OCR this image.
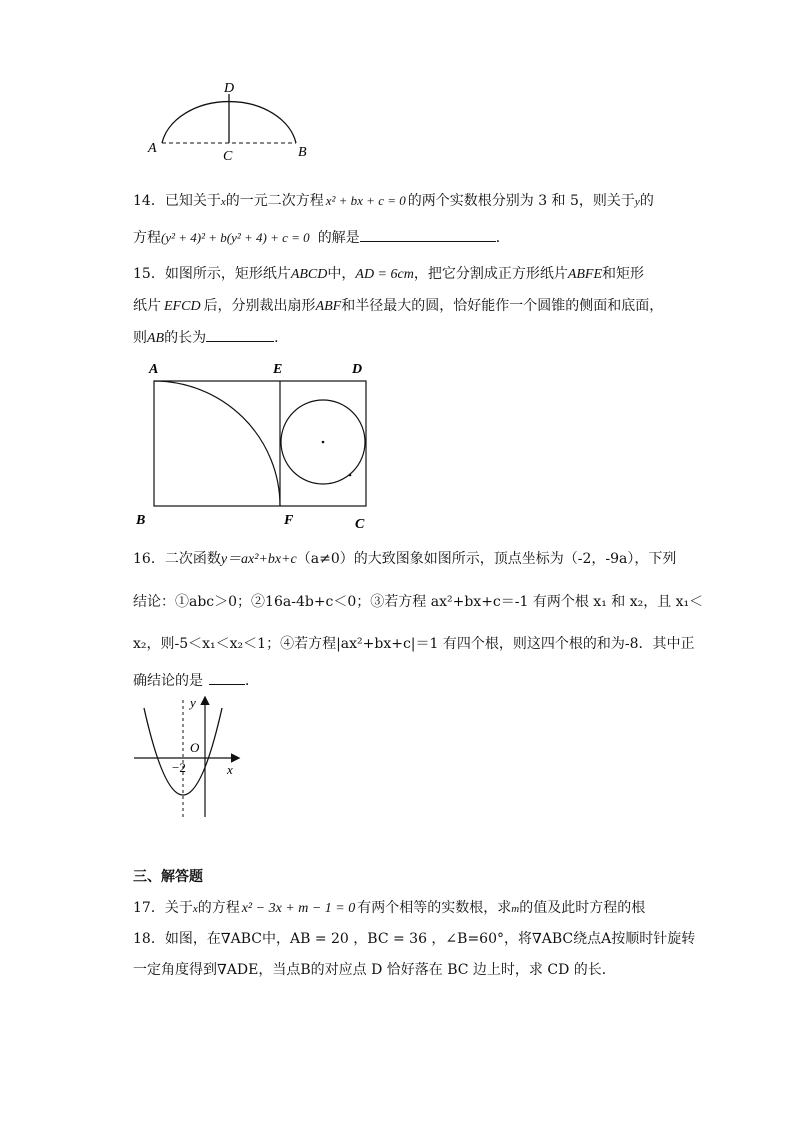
D
A
C	B
14．已知关于x的一元二次方程 x² + bx + c = 0 的两个实数根分别为 3 和 5，则关于y的
方程(y² + 4)² + b(y² + 4) + c = 0 的解是	．
15．如图所示，矩形纸片ABCD中，AD = 6cm，把它分割成正方形纸片ABFE和矩形
纸片 EFCD 后，分别裁出扇形ABF和半径最大的圆，恰好能作一个圆锥的侧面和底面，
则AB的长为	．
A	E	D
B	F	C
16．二次函数y＝ax²+bx+c（a≠0）的大致图象如图所示，顶点坐标为（-2，-9a），下列
结论：①abc＞0；②16a-4b+c＜0；③若方程 ax²+bx+c＝-1 有两个根 x₁ 和 x₂，且 x₁＜
x₂，则-5＜x₁＜x₂＜1；④若方程|ax²+bx+c|＝1 有四个根，则这四个根的和为-8．其中正
确结论的是	．
y
O
−2	x
三、解答题
17．关于x的方程 x² − 3x + m − 1 = 0 有两个相等的实数根，求m的值及此时方程的根
18．如图，在∇ABC中，AB = 20 ，BC = 36 ，∠B=60°，将∇ABC绕点A按顺时针旋转
一定角度得到∇ADE，当点B的对应点 D 恰好落在 BC 边上时，求 CD 的长．
